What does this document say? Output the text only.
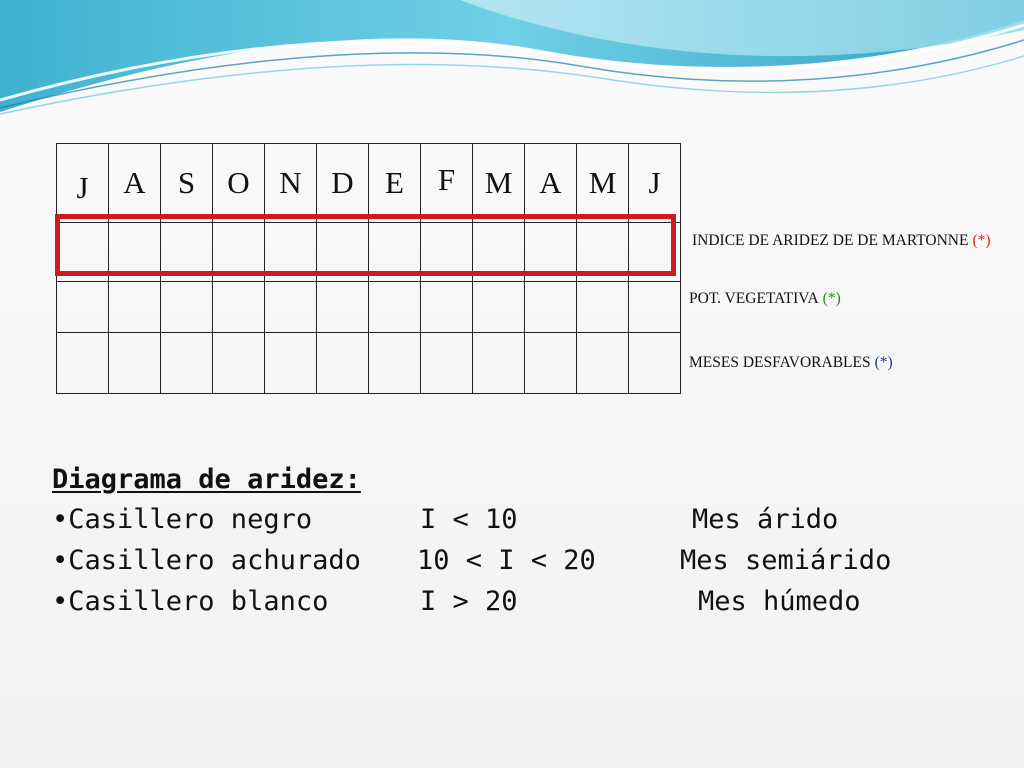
J	A	S	O	N	D	E	F	M	A	M	J

INDICE DE ARIDEZ DE DE MARTONNE (*)
POT. VEGETATIVA (*)
MESES DESFAVORABLES (*)
Diagrama de aridez:
•Casillero negro	I < 10	Mes árido
•Casillero achurado 10 < I < 20	Mes semiárido
•Casillero blanco	I > 20	Mes húmedo
